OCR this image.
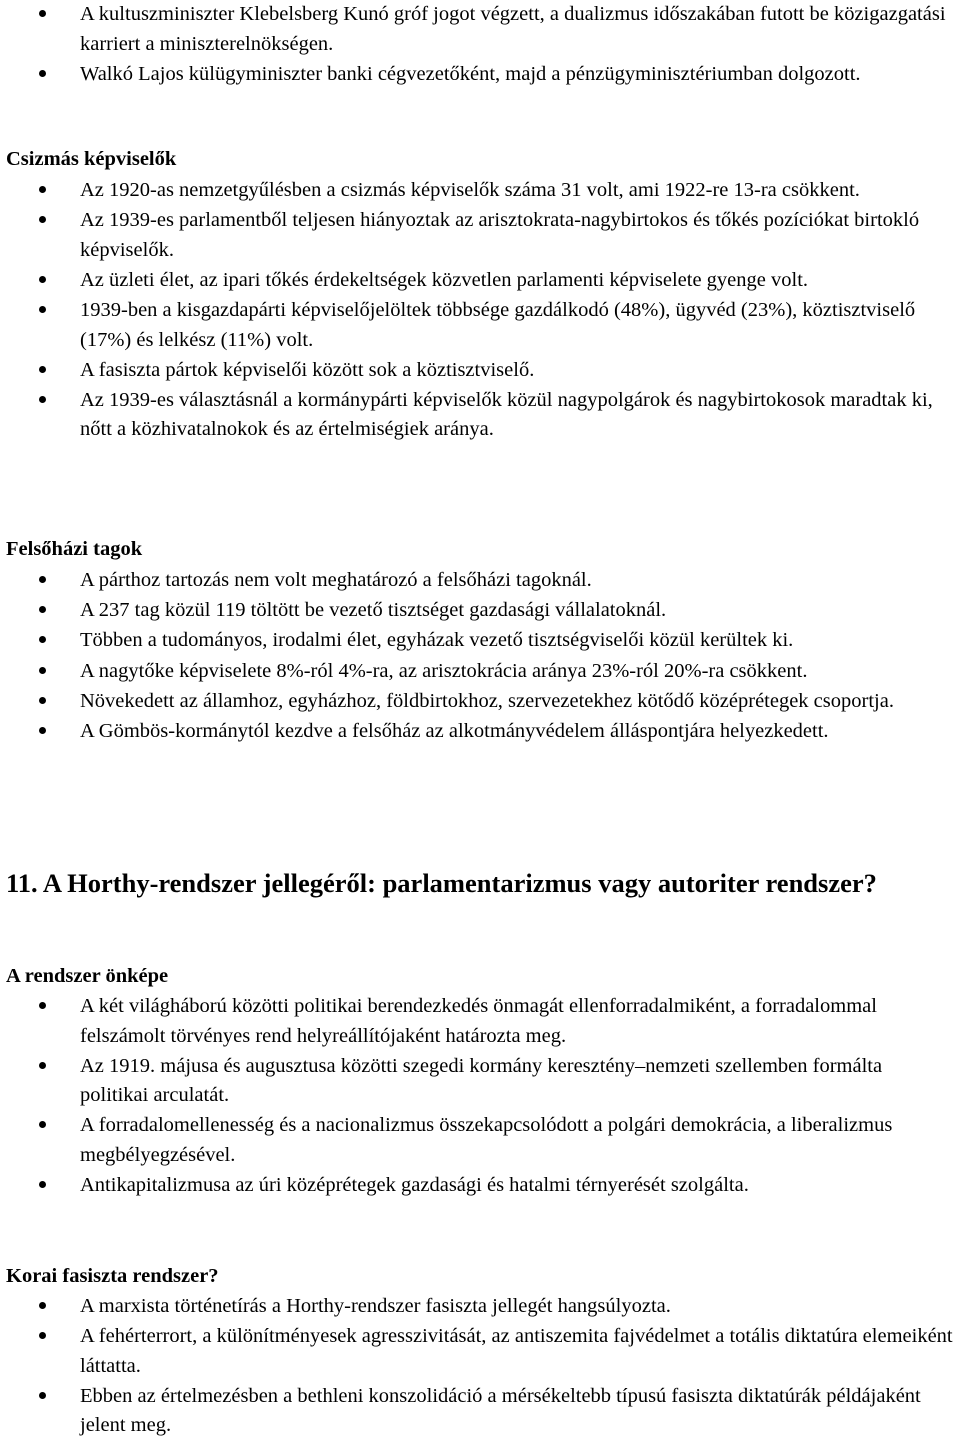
A kultuszminiszter Klebelsberg Kunó gróf jogot végzett, a dualizmus időszakában futott be közigazgatási karriert a miniszterelnökségen.
Walkó Lajos külügyminiszter banki cégvezetőként, majd a pénzügyminisztériumban dolgozott.
Csizmás képviselők
Az 1920-as nemzetgyűlésben a csizmás képviselők száma 31 volt, ami 1922-re 13-ra csökkent.
Az 1939-es parlamentből teljesen hiányoztak az arisztokrata-nagybirtokos és tőkés pozíciókat birtokló képviselők.
Az üzleti élet, az ipari tőkés érdekeltségek közvetlen parlamenti képviselete gyenge volt.
1939-ben a kisgazdapárti képviselőjelöltek többsége gazdálkodó (48%), ügyvéd (23%), köztisztviselő (17%) és lelkész (11%) volt.
A fasiszta pártok képviselői között sok a köztisztviselő.
Az 1939-es választásnál a kormánypárti képviselők közül nagypolgárok és nagybirtokosok maradtak ki, nőtt a közhivatalnokok és az értelmiségiek aránya.
Felsőházi tagok
A párthoz tartozás nem volt meghatározó a felsőházi tagoknál.
A 237 tag közül 119 töltött be vezető tisztséget gazdasági vállalatoknál.
Többen a tudományos, irodalmi élet, egyházak vezető tisztségviselői közül kerültek ki.
A nagytőke képviselete 8%-ról 4%-ra, az arisztokrácia aránya 23%-ról 20%-ra csökkent.
Növekedett az államhoz, egyházhoz, földbirtokhoz, szervezetekhez kötődő középrétegek csoportja.
A Gömbös-kormánytól kezdve a felsőház az alkotmányvédelem álláspontjára helyezkedett.
11. A Horthy-rendszer jellegéről: parlamentarizmus vagy autoriter rendszer?
A rendszer önképe
A két világháború közötti politikai berendezkedés önmagát ellenforradalmiként, a forradalommal felszámolt törvényes rend helyreállítójaként határozta meg.
Az 1919. májusa és augusztusa közötti szegedi kormány keresztény–nemzeti szellemben formálta politikai arculatát.
A forradalomellenesség és a nacionalizmus összekapcsolódott a polgári demokrácia, a liberalizmus megbélyegzésével.
Antikapitalizmusa az úri középrétegek gazdasági és hatalmi térnyerését szolgálta.
Korai fasiszta rendszer?
A marxista történetírás a Horthy-rendszer fasiszta jellegét hangsúlyozta.
A fehérterrort, a különítményesek agresszivitását, az antiszemita fajvédelmet a totális diktatúra elemeiként láttatta.
Ebben az értelmezésben a bethleni konszolidáció a mérsékeltebb típusú fasiszta diktatúrák példájaként jelent meg.
